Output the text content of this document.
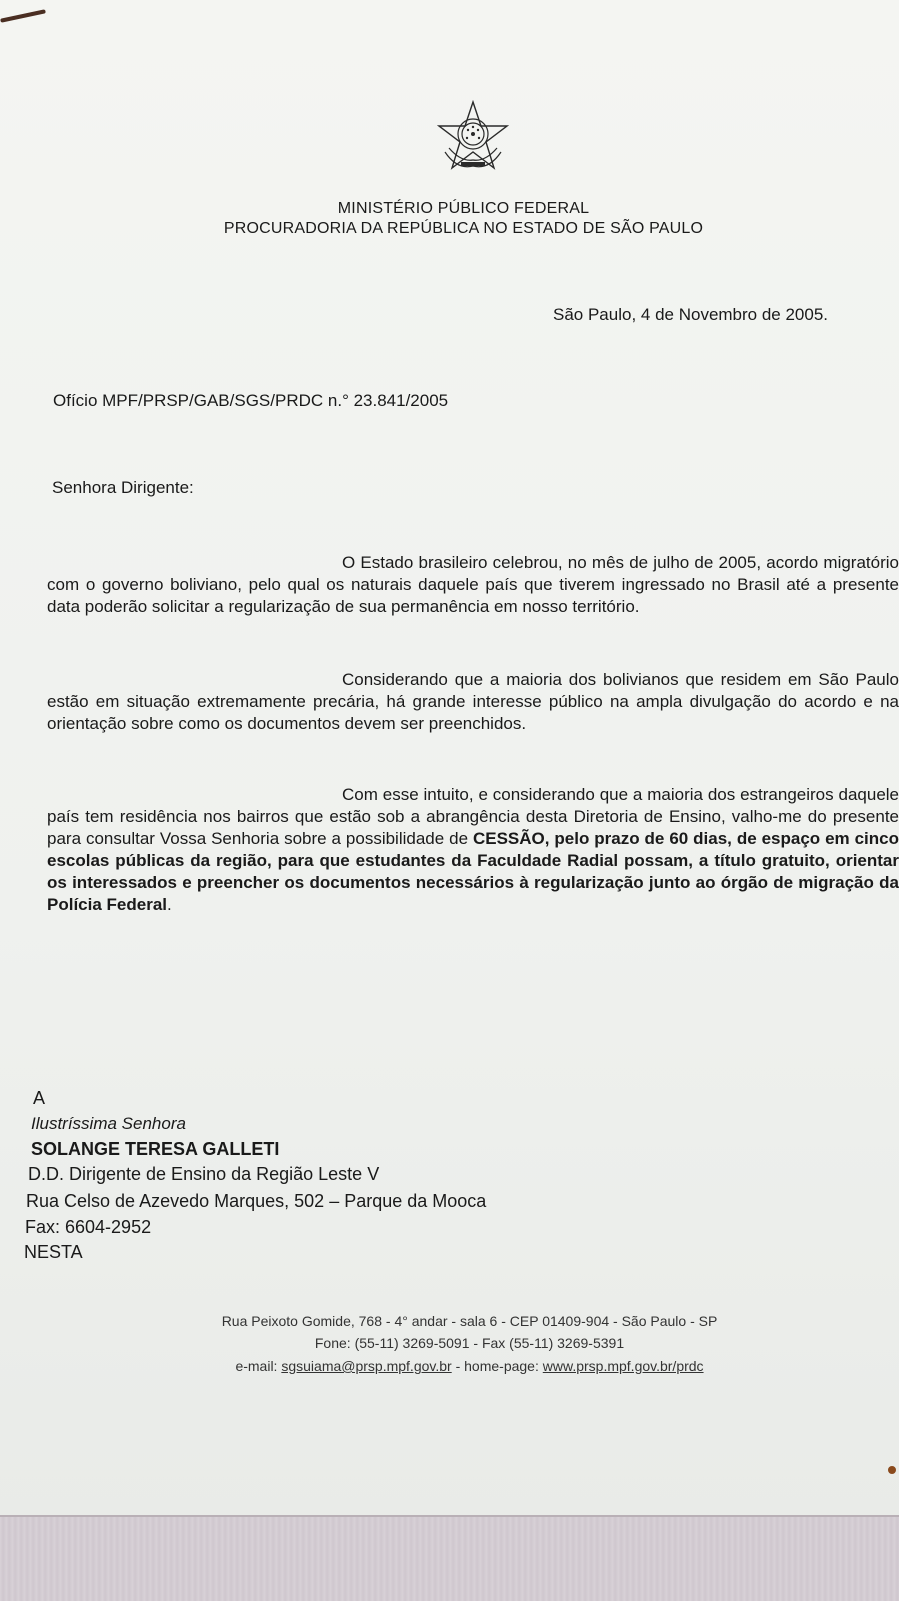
MINISTÉRIO PÚBLICO FEDERAL
PROCURADORIA DA REPÚBLICA NO ESTADO DE SÃO PAULO
São Paulo, 4 de Novembro de 2005.
Ofício MPF/PRSP/GAB/SGS/PRDC n.° 23.841/2005
Senhora Dirigente:
O Estado brasileiro celebrou, no mês de julho de 2005, acordo migratório com o governo boliviano, pelo qual os naturais daquele país que tiverem ingressado no Brasil até a presente data poderão solicitar a regularização de sua permanência em nosso território.
Considerando que a maioria dos bolivianos que residem em São Paulo estão em situação extremamente precária, há grande interesse público na ampla divulgação do acordo e na orientação sobre como os documentos devem ser preenchidos.
Com esse intuito, e considerando que a maioria dos estrangeiros daquele país tem residência nos bairros que estão sob a abrangência desta Diretoria de Ensino, valho-me do presente para consultar Vossa Senhoria sobre a possibilidade de CESSÃO, pelo prazo de 60 dias, de espaço em cinco escolas públicas da região, para que estudantes da Faculdade Radial possam, a título gratuito, orientar os interessados e preencher os documentos necessários à regularização junto ao órgão de migração da Polícia Federal.
A
Ilustríssima Senhora
SOLANGE TERESA GALLETI
D.D. Dirigente de Ensino da Região Leste V
Rua Celso de Azevedo Marques, 502 – Parque da Mooca
Fax: 6604-2952
NESTA
Rua Peixoto Gomide, 768 - 4° andar - sala 6 - CEP 01409-904 - São Paulo - SP
Fone: (55-11) 3269-5091 - Fax (55-11) 3269-5391
e-mail: sgsuiama@prsp.mpf.gov.br - home-page: www.prsp.mpf.gov.br/prdc
